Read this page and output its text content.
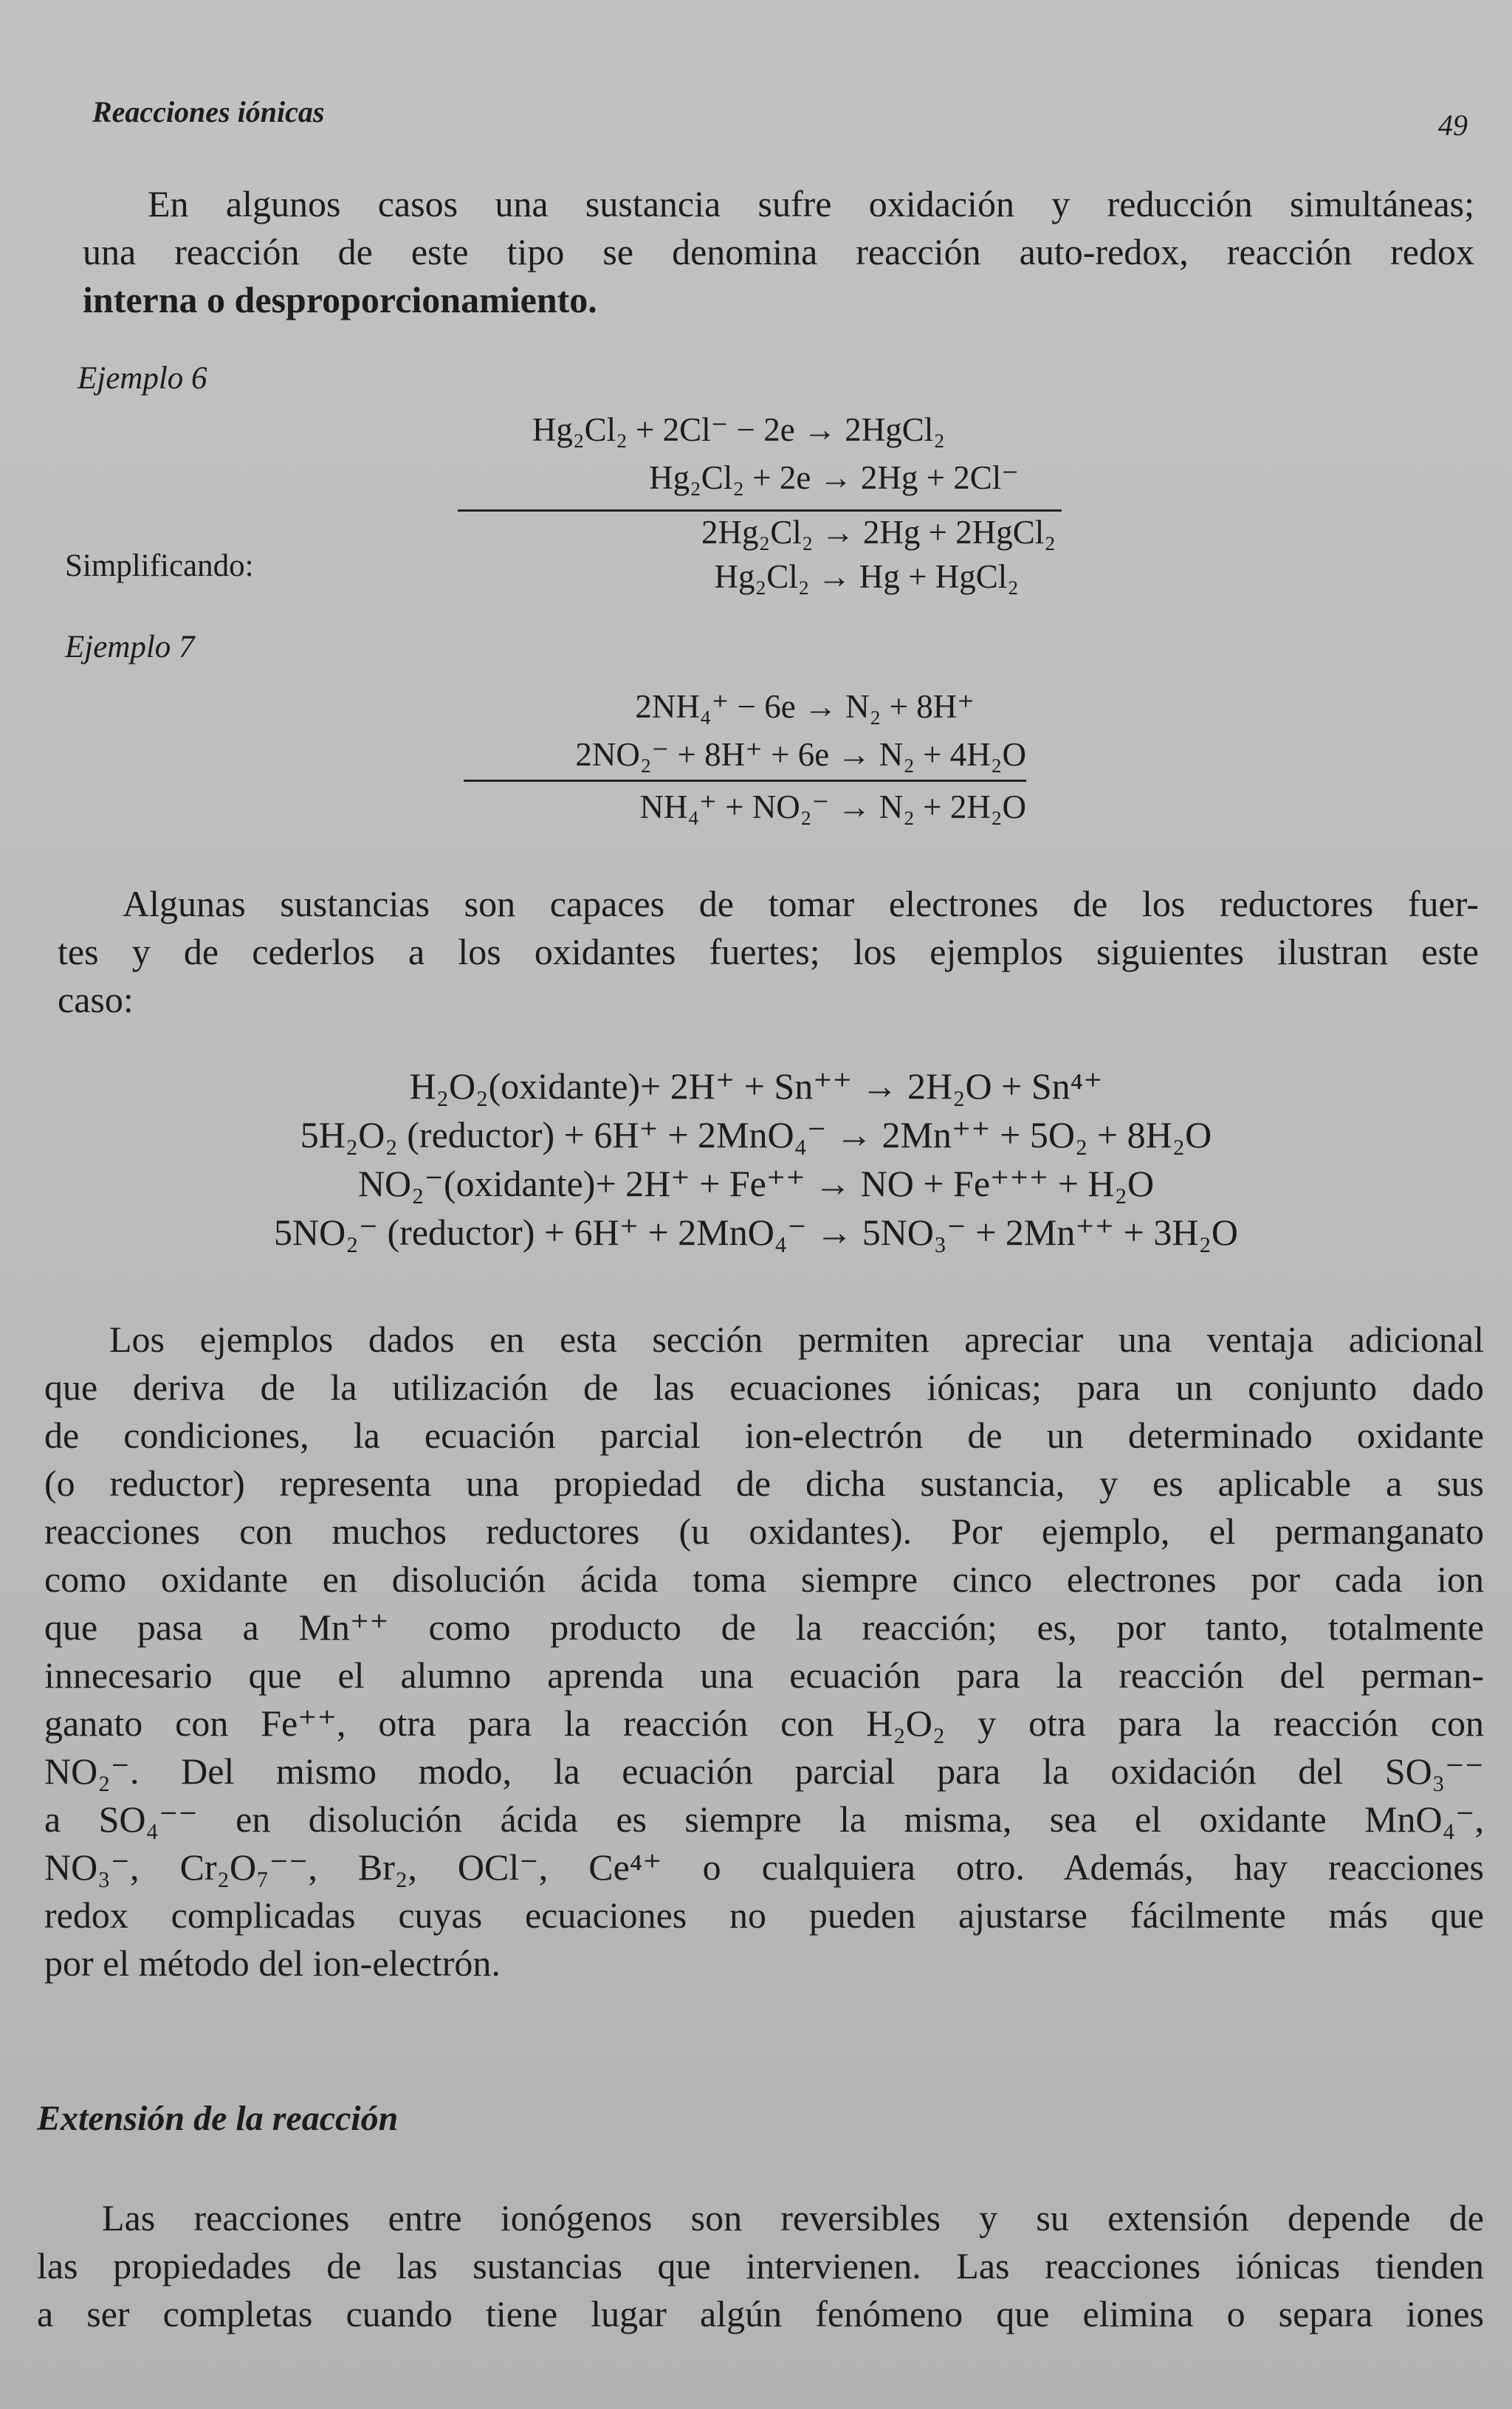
Reacciones iónicas	49
En algunos casos una sustancia sufre oxidación y reducción simultáneas;
una reacción de este tipo se denomina reacción auto-redox, reacción redox
interna o desproporcionamiento.
Ejemplo 6
Hg₂Cl₂ + 2Cl⁻ − 2e → 2HgCl₂
Hg₂Cl₂ + 2e → 2Hg + 2Cl⁻
2Hg₂Cl₂ → 2Hg + 2HgCl₂
Simplificando:	Hg₂Cl₂ → Hg + HgCl₂
Ejemplo 7
2NH₄⁺ − 6e → N₂ + 8H⁺
2NO₂⁻ + 8H⁺ + 6e → N₂ + 4H₂O
NH₄⁺ + NO₂⁻ → N₂ + 2H₂O
Algunas sustancias son capaces de tomar electrones de los reductores fuer-
tes y de cederlos a los oxidantes fuertes; los ejemplos siguientes ilustran este
caso:
H₂O₂(oxidante)+ 2H⁺ + Sn⁺⁺ → 2H₂O + Sn⁴⁺
5H₂O₂ (reductor) + 6H⁺ + 2MnO₄⁻ → 2Mn⁺⁺ + 5O₂ + 8H₂O
NO₂⁻(oxidante)+ 2H⁺ + Fe⁺⁺ → NO + Fe⁺⁺⁺ + H₂O
5NO₂⁻ (reductor) + 6H⁺ + 2MnO₄⁻ → 5NO₃⁻ + 2Mn⁺⁺ + 3H₂O
Los ejemplos dados en esta sección permiten apreciar una ventaja adicional
que deriva de la utilización de las ecuaciones iónicas; para un conjunto dado
de condiciones, la ecuación parcial ion-electrón de un determinado oxidante
(o reductor) representa una propiedad de dicha sustancia, y es aplicable a sus
reacciones con muchos reductores (u oxidantes). Por ejemplo, el permanganato
como oxidante en disolución ácida toma siempre cinco electrones por cada ion
que pasa a Mn⁺⁺ como producto de la reacción; es, por tanto, totalmente
innecesario que el alumno aprenda una ecuación para la reacción del perman-
ganato con Fe⁺⁺, otra para la reacción con H₂O₂ y otra para la reacción con
NO₂⁻. Del mismo modo, la ecuación parcial para la oxidación del SO₃⁻⁻
a SO₄⁻⁻ en disolución ácida es siempre la misma, sea el oxidante MnO₄⁻,
NO₃⁻, Cr₂O₇⁻⁻, Br₂, OCl⁻, Ce⁴⁺ o cualquiera otro. Además, hay reacciones
redox complicadas cuyas ecuaciones no pueden ajustarse fácilmente más que
por el método del ion-electrón.
Extensión de la reacción
Las reacciones entre ionógenos son reversibles y su extensión depende de
las propiedades de las sustancias que intervienen. Las reacciones iónicas tienden
a ser completas cuando tiene lugar algún fenómeno que elimina o separa iones
